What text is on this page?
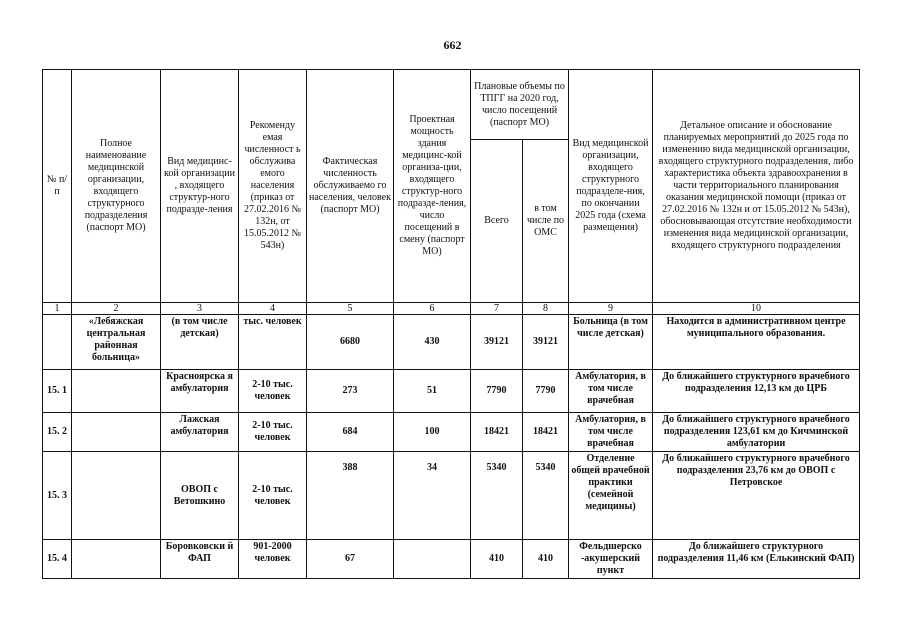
662
№ п/п	Полное наименование медицинской организации, входящего структурного подразделения (паспорт МО)	Вид медицинс-кой организации , входящего структур-ного подразде-ления	Рекоменду емая численност ь обслужива емого населения (приказ от 27.02.2016 № 132н, от 15.05.2012 № 543н)	Фактическая численность обслуживаемо го населения, человек (паспорт МО)	Проектная мощность здания медицинс-кой организа-ции, входящего структур-ного подразде-ления, число посещений в смену (паспорт МО)	Плановые объемы по ТПГГ на 2020 год, число посещений (паспорт МО)		Вид медицинской организации, входящего структурного подразделе-ния, по окончании 2025 года (схема размещения)	Детальное описание и обоснование планируемых мероприятий до 2025 года по изменению вида медицинской организации, входящего структурного подразделения, либо характеристика объекта здравоохранения в части территориального планирования оказания медицинской помощи (приказ от 27.02.2016 № 132н и от 15.05.2012 № 543н), обосновывающая отсутствие необходимости изменения вида медицинской организации, входящего структурного подразделения
						Всего	в том числе по ОМС		
1	2	3	4	5	6	7	8	9	10
	«Лебяжская центральная районная больница»	(в том числе детская)	тыс. человек	6680	430	39121	39121	Больница (в том числе детская)	Находится в административном центре муниципального образования.
15. 1		Красноярска я амбулатория	2-10 тыс. человек	273	51	7790	7790	Амбулатория, в том числе врачебная	До ближайшего структурного врачебного подразделения 12,13 км до ЦРБ
15. 2		Лажская амбулатория	2-10 тыс. человек	684	100	18421	18421	Амбулатория, в том числе врачебная	До ближайшего структурного врачебного подразделения 123,61 км до Кичминской амбулатории
15. 3		ОВОП с Ветошкино	2-10 тыс. человек	388	34	5340	5340	Отделение общей врачебной практики (семейной медицины)	До ближайшего структурного врачебного подразделения 23,76 км до ОВОП с Петровское
15. 4		Боровковски й ФАП	901-2000 человек	67		410	410	Фельдшерско -акушерский пункт	До ближайшего структурного подразделения 11,46 км (Елькинский ФАП)
